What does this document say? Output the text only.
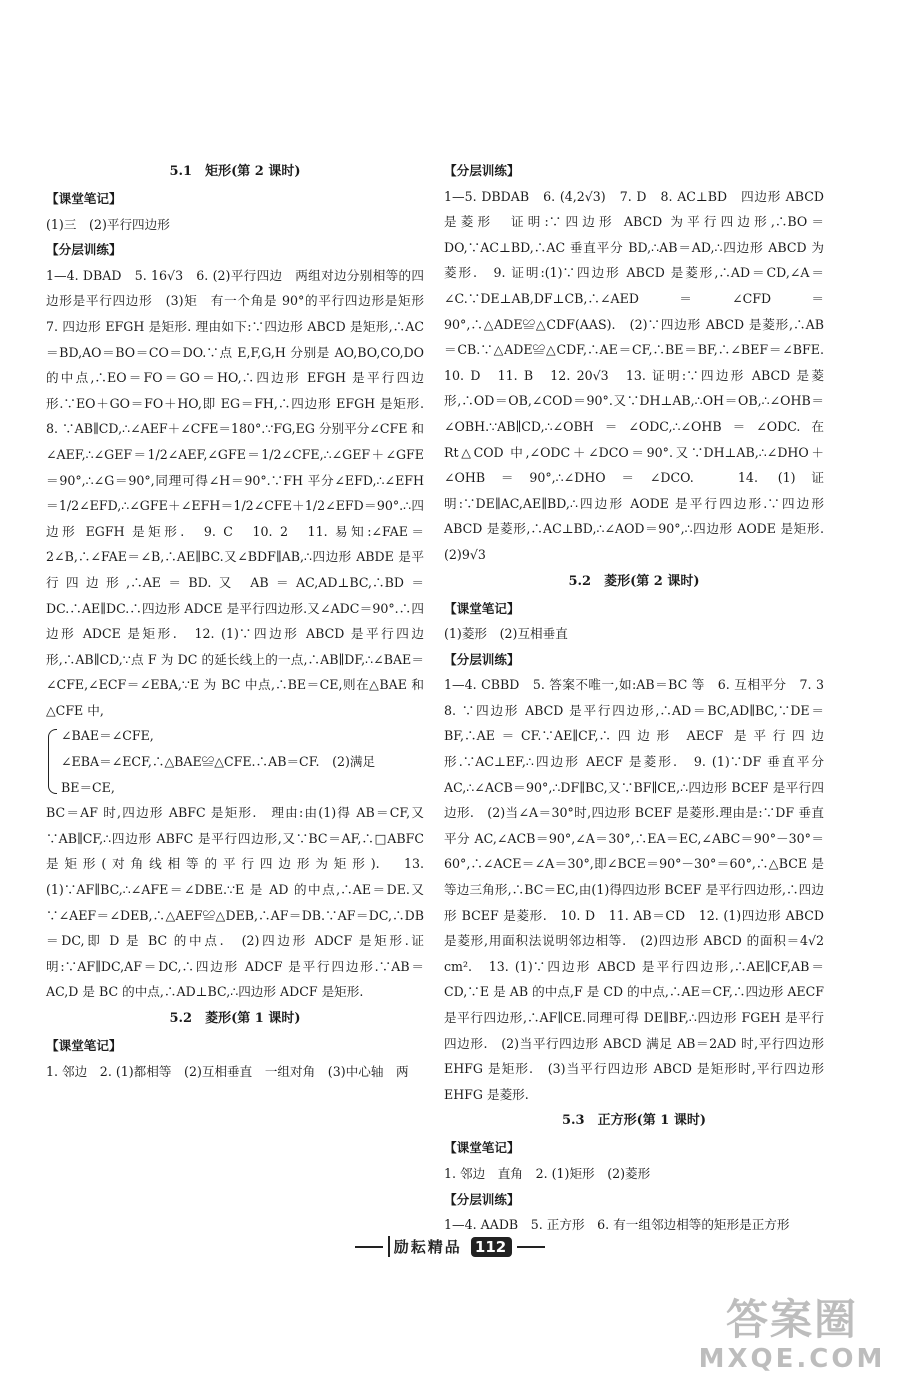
5.1　矩形(第 2 课时)
【课堂笔记】

(1)三　(2)平行四边形

【分层训练】

1—4. DBAD　5. 16√3　6. (2)平行四边　两组对边分别相等的四边形是平行四边形　(3)矩　有一个角是 90°的平行四边形是矩形　7. 四边形 EFGH 是矩形. 理由如下:∵四边形 ABCD 是矩形,∴AC＝BD,AO＝BO＝CO＝DO.∵点 E,F,G,H 分别是 AO,BO,CO,DO 的中点,∴EO＝FO＝GO＝HO,∴四边形 EFGH 是平行四边形.∵EO＋GO＝FO＋HO,即 EG＝FH,∴四边形 EFGH 是矩形.　8. ∵AB∥CD,∴∠AEF＋∠CFE＝180°.∵FG,EG 分别平分∠CFE 和∠AEF,∴∠GEF＝1/2∠AEF,∠GFE＝1/2∠CFE,∴∠GEF＋∠GFE＝90°,∴∠G＝90°,同理可得∠H＝90°.∵FH 平分∠EFD,∴∠EFH＝1/2∠EFD,∴∠GFE＋∠EFH＝1/2∠CFE＋1/2∠EFD＝90°.∴四边形 EGFH 是矩形.　9. C　10. 2　11. 易知:∠FAE＝2∠B,∴∠FAE＝∠B,∴AE∥BC.又∠BDF∥AB,∴四边形 ABDE 是平行四边形,∴AE＝BD.又 AB＝AC,AD⊥BC,∴BD＝DC.∴AE∥DC.∴四边形 ADCE 是平行四边形.又∠ADC＝90°.∴四边形 ADCE 是矩形.　12. (1)∵四边形 ABCD 是平行四边形,∴AB∥CD,∵点 F 为 DC 的延长线上的一点,∴AB∥DF,∴∠BAE＝∠CFE,∠ECF＝∠EBA,∵E 为 BC 中点,∴BE＝CE,则在△BAE 和△CFE 中,

∠BAE＝∠CFE,
∠EBA＝∠ECF,∴△BAE≌△CFE.∴AB＝CF.　(2)满足
BE＝CE,

BC＝AF 时,四边形 ABFC 是矩形.　理由:由(1)得 AB＝CF,又∵AB∥CF,∴四边形 ABFC 是平行四边形,又∵BC＝AF,∴□ABFC 是矩形(对角线相等的平行四边形为矩形).　13. (1)∵AF∥BC,∴∠AFE＝∠DBE.∵E 是 AD 的中点,∴AE＝DE.又∵∠AEF＝∠DEB,∴△AEF≌△DEB,∴AF＝DB.∵AF＝DC,∴DB＝DC,即 D 是 BC 的中点.　(2)四边形 ADCF 是矩形.证明:∵AF∥DC,AF＝DC,∴四边形 ADCF 是平行四边形.∵AB＝AC,D 是 BC 的中点,∴AD⊥BC,∴四边形 ADCF 是矩形.

5.2　菱形(第 1 课时)
【课堂笔记】

1. 邻边　2. (1)都相等　(2)互相垂直　一组对角　(3)中心轴　两

【分层训练】

1—5. DBDAB　6. (4,2√3)　7. D　8. AC⊥BD　四边形 ABCD 是菱形　证明:∵四边形 ABCD 为平行四边形,∴BO＝DO,∵AC⊥BD,∴AC 垂直平分 BD,∴AB＝AD,∴四边形 ABCD 为菱形.　9. 证明:(1)∵四边形 ABCD 是菱形,∴AD＝CD,∠A＝∠C.∵DE⊥AB,DF⊥CB,∴∠AED＝∠CFD＝90°,∴△ADE≌△CDF(AAS).　(2)∵四边形 ABCD 是菱形,∴AB＝CB.∵△ADE≌△CDF,∴AE＝CF,∴BE＝BF,∴∠BEF＝∠BFE.　10. D　11. B　12. 20√3　13. 证明:∵四边形 ABCD 是菱形,∴OD＝OB,∠COD＝90°.又∵DH⊥AB,∴OH＝OB,∴∠OHB＝∠OBH.∵AB∥CD,∴∠OBH＝∠ODC,∴∠OHB＝∠ODC.在 Rt△COD 中,∠ODC＋∠DCO＝90°.又∵DH⊥AB,∴∠DHO＋∠OHB＝90°,∴∠DHO＝∠DCO.　14. (1)证明:∵DE∥AC,AE∥BD,∴四边形 AODE 是平行四边形.∵四边形 ABCD 是菱形,∴AC⊥BD,∴∠AOD＝90°,∴四边形 AODE 是矩形.　(2)9√3

5.2　菱形(第 2 课时)
【课堂笔记】

(1)菱形　(2)互相垂直

【分层训练】

1—4. CBBD　5. 答案不唯一,如:AB＝BC 等　6. 互相平分　7. 3　8. ∵四边形 ABCD 是平行四边形,∴AD＝BC,AD∥BC,∵DE＝BF,∴AE＝CF.∵AE∥CF,∴四边形 AECF 是平行四边形.∵AC⊥EF,∴四边形 AECF 是菱形.　9. (1)∵DF 垂直平分 AC,∴∠ACB＝90°,∴DF∥BC,又∵BF∥CE,∴四边形 BCEF 是平行四边形.　(2)当∠A＝30°时,四边形 BCEF 是菱形.理由是:∵DF 垂直平分 AC,∠ACB＝90°,∠A＝30°,∴EA＝EC,∠ABC＝90°－30°＝60°,∴∠ACE＝∠A＝30°,即∠BCE＝90°－30°＝60°,∴△BCE 是等边三角形,∴BC＝EC,由(1)得四边形 BCEF 是平行四边形,∴四边形 BCEF 是菱形.　10. D　11. AB＝CD　12. (1)四边形 ABCD 是菱形,用面积法说明邻边相等.　(2)四边形 ABCD 的面积＝4√2 cm².　13. (1)∵四边形 ABCD 是平行四边形,∴AE∥CF,AB＝CD,∵E 是 AB 的中点,F 是 CD 的中点,∴AE＝CF,∴四边形 AECF 是平行四边形,∴AF∥CE.同理可得 DE∥BF,∴四边形 FGEH 是平行四边形.　(2)当平行四边形 ABCD 满足 AB＝2AD 时,平行四边形 EHFG 是矩形.　(3)当平行四边形 ABCD 是矩形时,平行四边形 EHFG 是菱形.

5.3　正方形(第 1 课时)
【课堂笔记】

1. 邻边　直角　2. (1)矩形　(2)菱形

【分层训练】

1—4. AADB　5. 正方形　6. 有一组邻边相等的矩形是正方形

励耘精品 112
答案圈
MXQE.COM
